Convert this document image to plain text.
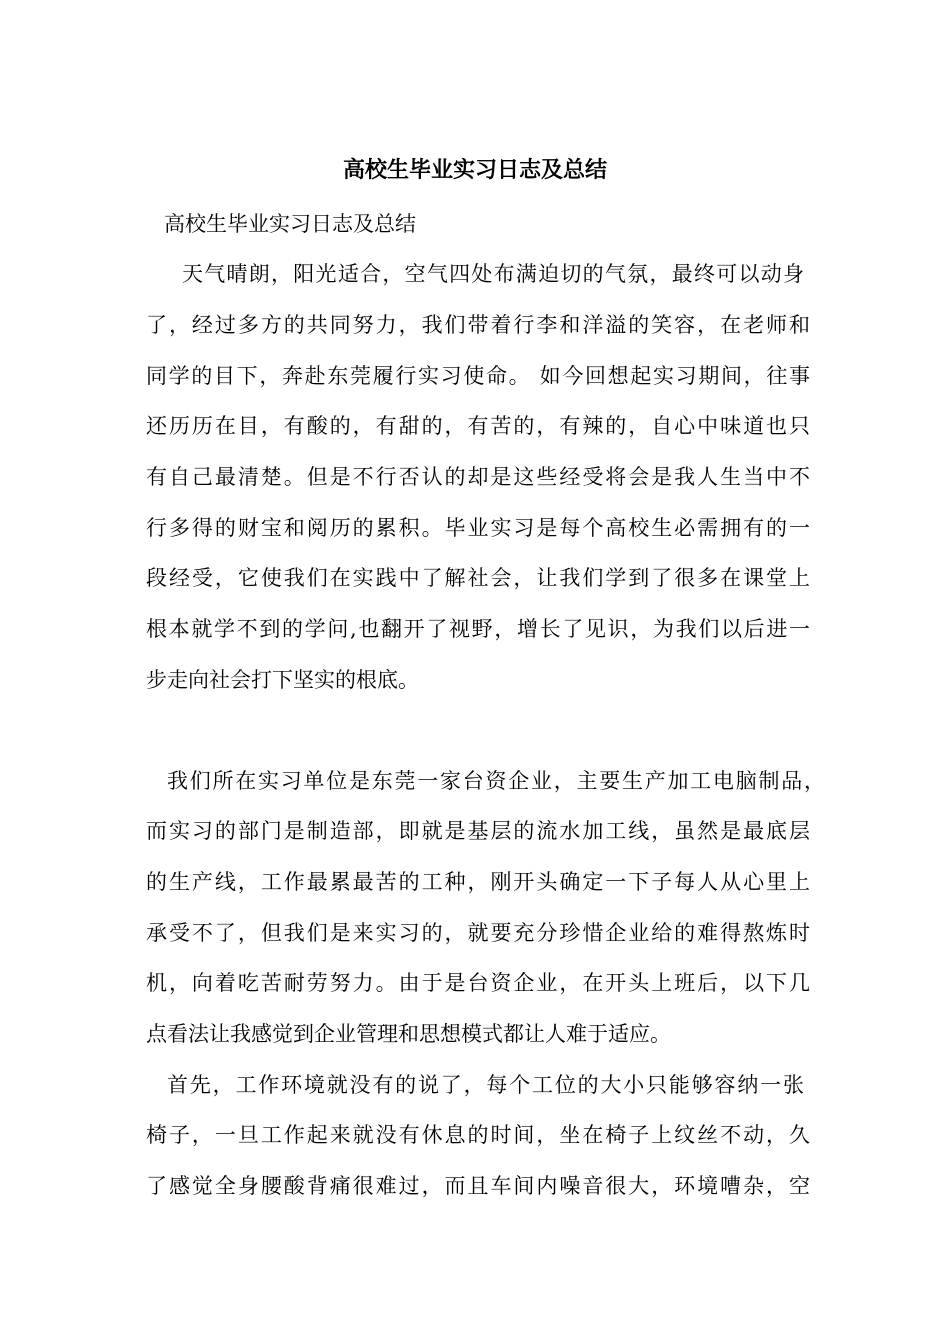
高校生毕业实习日志及总结

高校生毕业实习日志及总结

天气晴朗，阳光适合，空气四处布满迫切的气氛，最终可以动身

了，经过多方的共同努力，我们带着行李和洋溢的笑容，在老师和

同学的目下，奔赴东莞履行实习使命。 如今回想起实习期间，往事

还历历在目，有酸的，有甜的，有苦的，有辣的，自心中味道也只

有自己最清楚。但是不行否认的却是这些经受将会是我人生当中不

行多得的财宝和阅历的累积。毕业实习是每个高校生必需拥有的一

段经受，它使我们在实践中了解社会，让我们学到了很多在课堂上

根本就学不到的学问,也翻开了视野，增长了见识，为我们以后进一

步走向社会打下坚实的根底。

我们所在实习单位是东莞一家台资企业，主要生产加工电脑制品，

而实习的部门是制造部，即就是基层的流水加工线，虽然是最底层

的生产线，工作最累最苦的工种，刚开头确定一下子每人从心里上

承受不了，但我们是来实习的，就要充分珍惜企业给的难得熬炼时

机，向着吃苦耐劳努力。由于是台资企业，在开头上班后，以下几

点看法让我感觉到企业管理和思想模式都让人难于适应。

首先，工作环境就没有的说了，每个工位的大小只能够容纳一张

椅子，一旦工作起来就没有休息的时间，坐在椅子上纹丝不动，久

了感觉全身腰酸背痛很难过，而且车间内噪音很大，环境嘈杂，空
